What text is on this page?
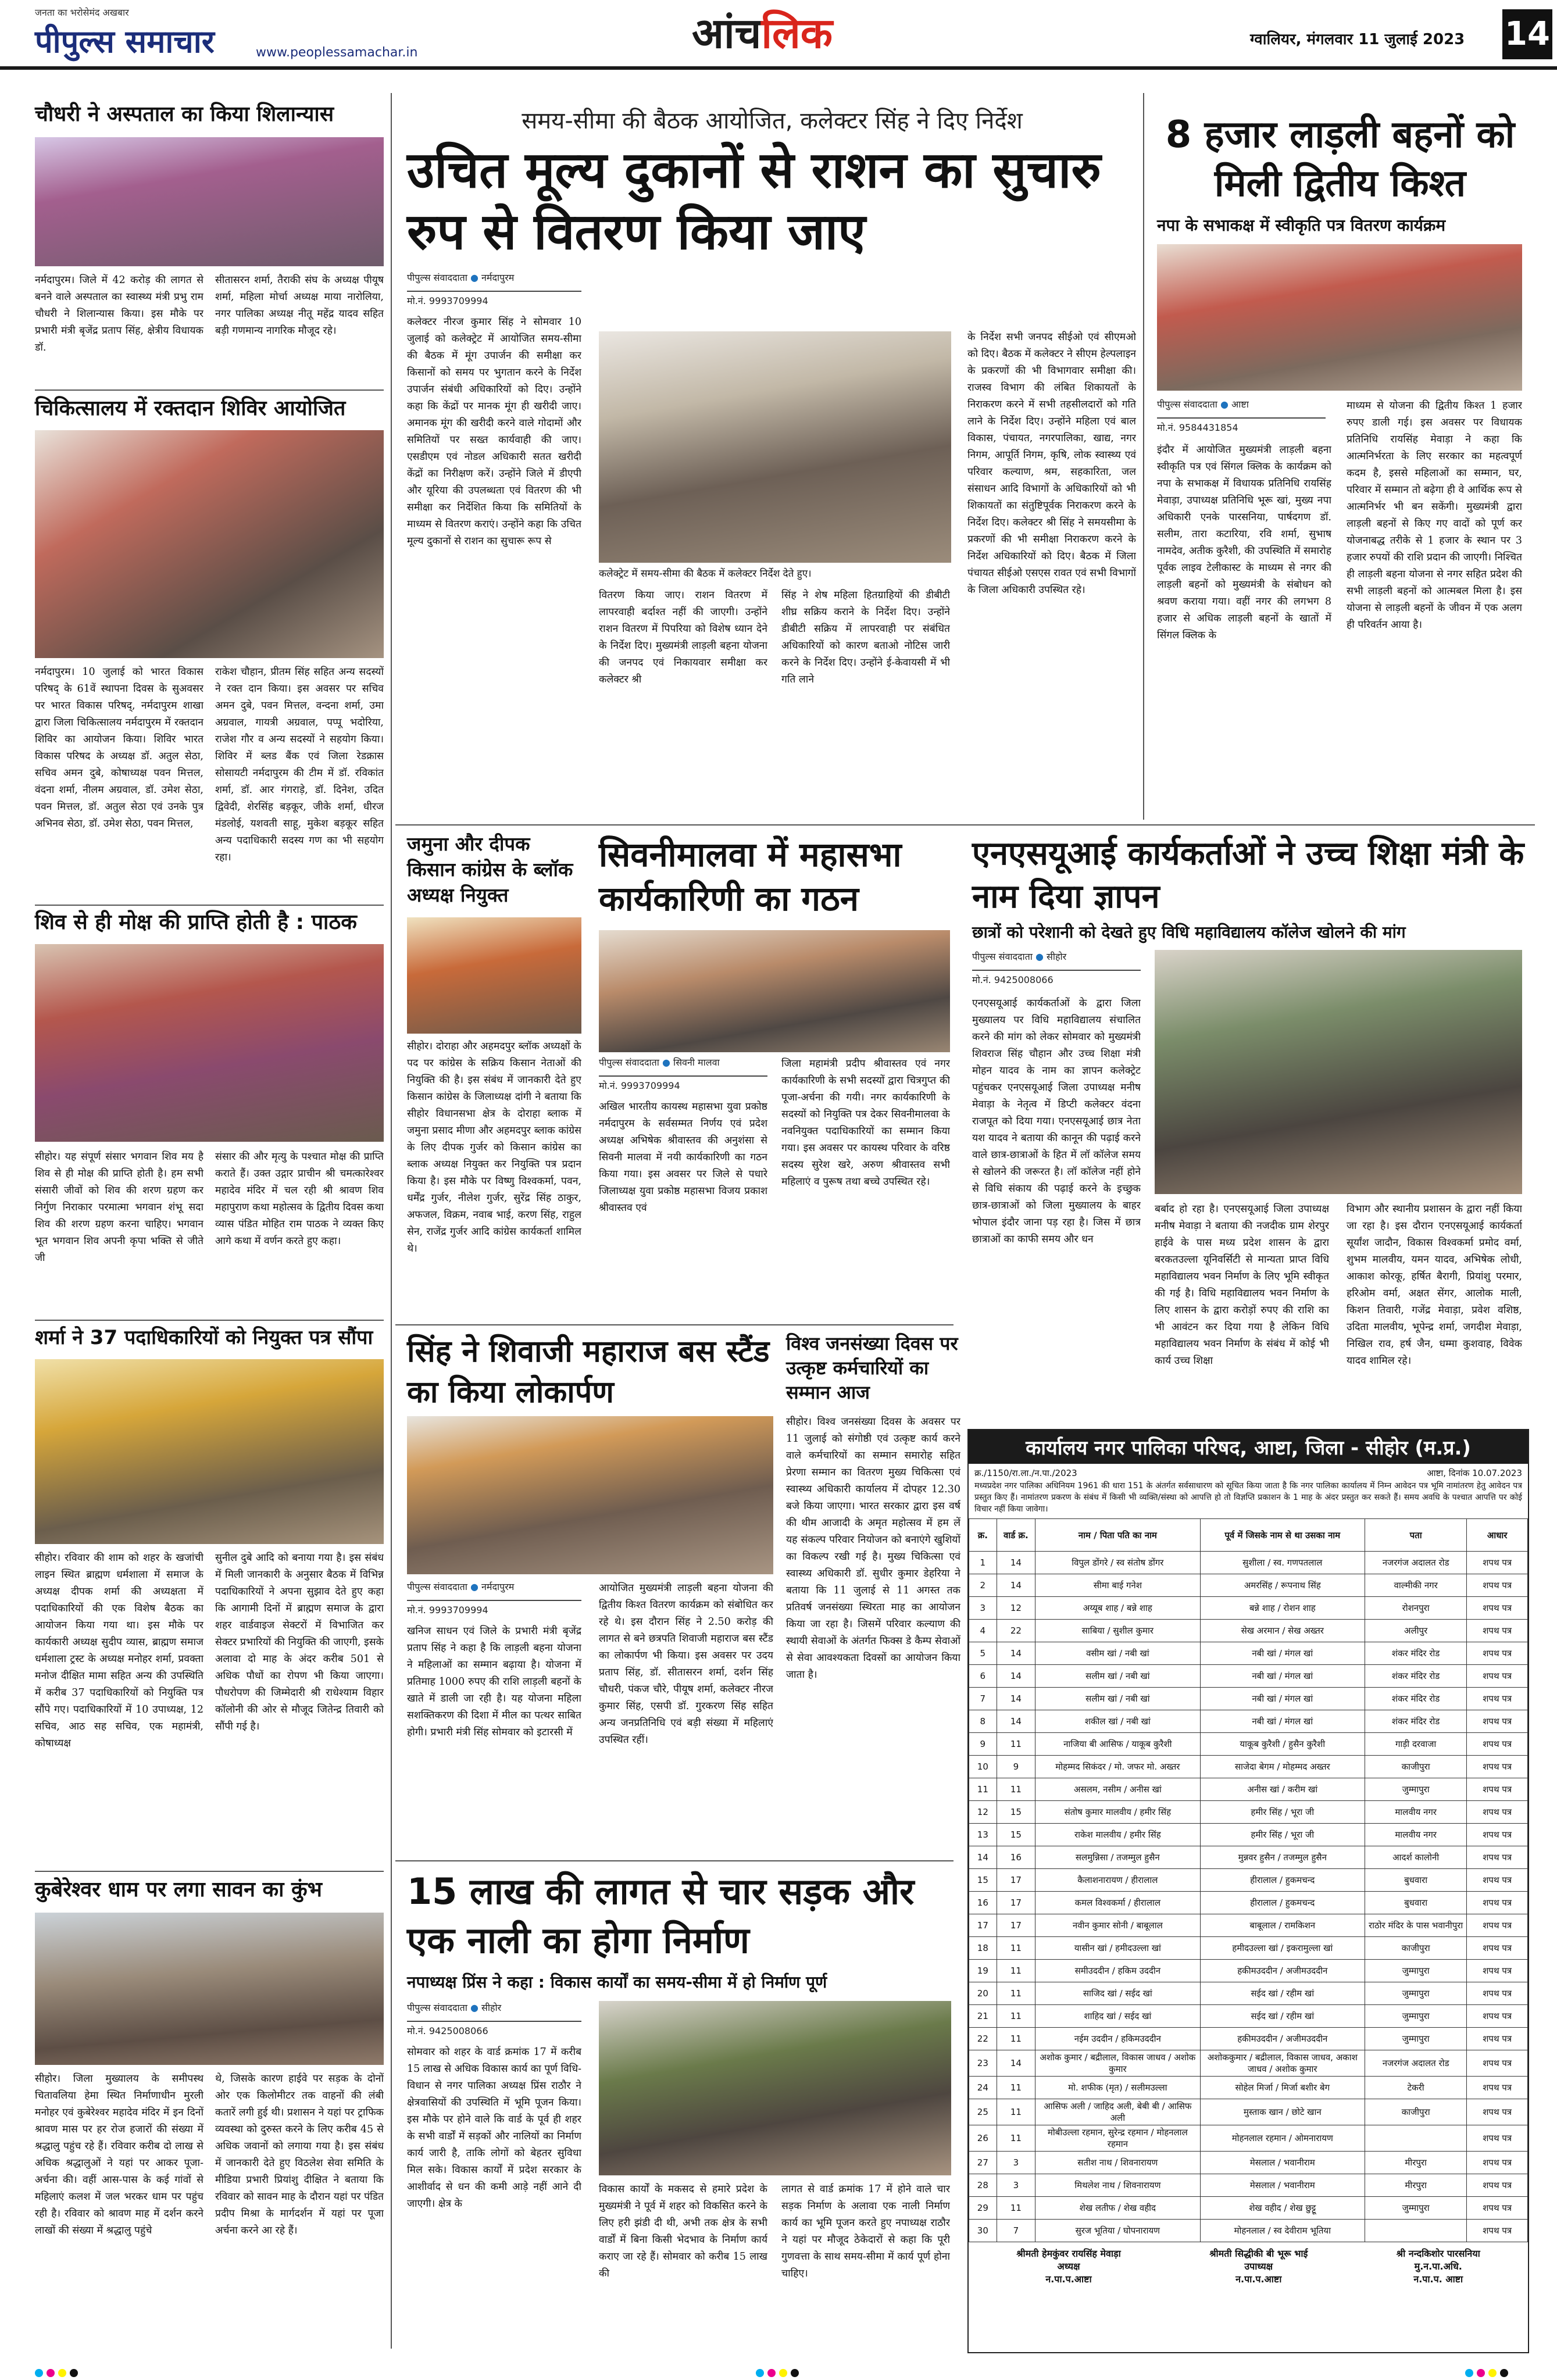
जनता का भरोसेमंद अखबार
पीपुल्स समाचार	www.peoplessamachar.in	आंचलिक	ग्वालियर, मंगलवार 11 जुलाई 2023 14
चौधरी ने अस्पताल का किया शिलान्यास
नर्मदापुरम। जिले में 42 करोड़ की लागत से बनने वाले अस्पताल का स्वास्थ्य मंत्री प्रभु राम चौधरी ने शिलान्यास किया। इस मौके पर प्रभारी मंत्री बृजेंद्र प्रताप सिंह, क्षेत्रीय विधायक डॉ.
सीतासरन शर्मा, तैराकी संघ के अध्यक्ष पीयूष शर्मा, महिला मोर्चा अध्यक्ष माया नारोलिया, नगर पालिका अध्यक्ष नीतू महेंद्र यादव सहित बड़ी गणमान्य नागरिक मौजूद रहे।
चिकित्सालय में रक्तदान शिविर आयोजित
नर्मदापुरम। 10 जुलाई को भारत विकास परिषद् के 61वें स्थापना दिवस के सुअवसर पर भारत विकास परिषद्, नर्मदापुरम शाखा द्वारा जिला चिकित्सालय नर्मदापुरम में रक्तदान शिविर का आयोजन किया। शिविर भारत विकास परिषद के अध्यक्ष डॉ. अतुल सेठा, सचिव अमन दुबे, कोषाध्यक्ष पवन मित्तल, वंदना शर्मा, नीलम अग्रवाल, डॉ. उमेश सेठा, पवन मित्तल, डॉ. अतुल सेठा एवं उनके पुत्र अभिनव सेठा, डॉ. उमेश सेठा, पवन मित्तल,
राकेश चौहान, प्रीतम सिंह सहित अन्य सदस्यों ने रक्त दान किया। इस अवसर पर सचिव अमन दुबे, पवन मित्तल, वन्दना शर्मा, उमा अग्रवाल, गायत्री अग्रवाल, पप्पू भदोरिया, राजेश गौर व अन्य सदस्यों ने सहयोग किया। शिविर में ब्लड बैंक एवं जिला रेडक्रास सोसायटी नर्मदापुरम की टीम में डॉ. रविकांत शर्मा, डॉ. आर गंगराड़े, डॉ. दिनेश, उदित द्विवेदी, शेरसिंह बड़कूर, जीके शर्मा, धीरज मंडलोई, यशवती साहू, मुकेश बड़कूर सहित अन्य पदाधिकारी सदस्य गण का भी सहयोग रहा।
शिव से ही मोक्ष की प्राप्ति होती है : पाठक
सीहोर। यह संपूर्ण संसार भगवान शिव मय है शिव से ही मोक्ष की प्राप्ति होती है। हम सभी संसारी जीवों को शिव की शरण ग्रहण कर निर्गुण निराकार परमात्मा भगवान शंभू सदा शिव की शरण ग्रहण करना चाहिए। भगवान भूत भगवान शिव अपनी कृपा भक्ति से जीते जी
संसार की और मृत्यु के पश्चात मोक्ष की प्राप्ति कराते हैं। उक्त उद्गार प्राचीन श्री चमत्कारेश्वर महादेव मंदिर में चल रही श्री श्रावण शिव महापुराण कथा महोत्सव के द्वितीय दिवस कथा व्यास पंडित मोहित राम पाठक ने व्यक्त किए आगे कथा में वर्णन करते हुए कहा।
शर्मा ने 37 पदाधिकारियों को नियुक्त पत्र सौंपा
सीहोर। रविवार की शाम को शहर के खजांची लाइन स्थित ब्राह्मण धर्मशाला में समाज के अध्यक्ष दीपक शर्मा की अध्यक्षता में पदाधिकारियों की एक विशेष बैठक का आयोजन किया गया था। इस मौके पर कार्यकारी अध्यक्ष सुदीप व्यास, ब्राह्मण समाज धर्मशाला ट्रस्ट के अध्यक्ष मनोहर शर्मा, प्रवक्ता मनोज दीक्षित मामा सहित अन्य की उपस्थिति में करीब 37 पदाधिकारियों को नियुक्ति पत्र सौंपे गए। पदाधिकारियों में 10 उपाध्यक्ष, 12 सचिव, आठ सह सचिव, एक महामंत्री, कोषाध्यक्ष
सुनील दुबे आदि को बनाया गया है। इस संबंध में मिली जानकारी के अनुसार बैठक में विभिन्न पदाधिकारियों ने अपना सुझाव देते हुए कहा कि आगामी दिनों में ब्राह्मण समाज के द्वारा शहर वार्डवाइज सेक्टरों में विभाजित कर सेक्टर प्रभारियों की नियुक्ति की जाएगी, इसके अलावा दो माह के अंदर करीब 501 से अधिक पौधों का रोपण भी किया जाएगा। पौधरोपण की जिम्मेदारी श्री राधेश्याम विहार कॉलोनी की ओर से मौजूद जितेन्द्र तिवारी को सौंपी गई है।
कुबेरेश्वर धाम पर लगा सावन का कुंभ
सीहोर। जिला मुख्यालय के समीपस्थ चितावलिया हेमा स्थित निर्माणाधीन मुरली मनोहर एवं कुबेरेश्वर महादेव मंदिर में इन दिनों श्रावण मास पर हर रोज हजारों की संख्या में श्रद्धालु पहुंच रहे हैं। रविवार करीब दो लाख से अधिक श्रद्धालुओं ने यहां पर आकर पूजा-अर्चना की। वहीं आस-पास के कई गांवों से महिलाएं कलश में जल भरकर धाम पर पहुंच रही है। रविवार को श्रावण माह में दर्शन करने लाखों की संख्या में श्रद्धालु पहुंचे
थे, जिसके कारण हाईवे पर सड़क के दोनों ओर एक किलोमीटर तक वाहनों की लंबी कतारें लगी हुई थी। प्रशासन ने यहां पर ट्राफिक व्यवस्था को दुरुस्त करने के लिए करीब 45 से अधिक जवानों को लगाया गया है। इस संबंध में जानकारी देते हुए विठलेश सेवा समिति के मीडिया प्रभारी प्रियांशु दीक्षित ने बताया कि रविवार को सावन माह के दौरान यहां पर पंडित प्रदीप मिश्रा के मार्गदर्शन में यहां पर पूजा अर्चना करने आ रहे हैं।
समय-सीमा की बैठक आयोजित, कलेक्टर सिंह ने दिए निर्देश
उचित मूल्य दुकानों से राशन का सुचारु रुप से वितरण किया जाए
पीपुल्स संवाददाता ● नर्मदापुरम
मो.नं. 9993709994
कलेक्टर नीरज कुमार सिंह ने सोमवार 10 जुलाई को कलेक्ट्रेट में आयोजित समय-सीमा की बैठक में मूंग उपार्जन की समीक्षा कर किसानों को समय पर भुगतान करने के निर्देश उपार्जन संबंधी अधिकारियों को दिए। उन्होंने कहा कि केंद्रों पर मानक मूंग ही खरीदी जाए। अमानक मूंग की खरीदी करने वाले गोदामों और समितियों पर सख्त कार्यवाही की जाए। एसडीएम एवं नोडल अधिकारी सतत खरीदी केंद्रों का निरीक्षण करें। उन्होंने जिले में डीएपी और यूरिया की उपलब्धता एवं वितरण की भी समीक्षा कर निर्देशित किया कि समितियों के माध्यम से वितरण कराएं। उन्होंने कहा कि उचित मूल्य दुकानों से राशन का सुचारू रूप से
कलेक्ट्रेट में समय-सीमा की बैठक में कलेक्टर निर्देश देते हुए।
वितरण किया जाए। राशन वितरण में लापरवाही बर्दाश्त नहीं की जाएगी। उन्होंने राशन वितरण में पिपरिया को विशेष ध्यान देने के निर्देश दिए। मुख्यमंत्री लाड़ली बहना योजना की जनपद एवं निकायवार समीक्षा कर कलेक्टर श्री
सिंह ने शेष महिला हितग्राहियों की डीबीटी शीघ्र सक्रिय कराने के निर्देश दिए। उन्होंने डीबीटी सक्रिय में लापरवाही पर संबंधित अधिकारियों को कारण बताओ नोटिस जारी करने के निर्देश दिए। उन्होंने ई-केवायसी में भी गति लाने
के निर्देश सभी जनपद सीईओ एवं सीएमओ को दिए। बैठक में कलेक्टर ने सीएम हेल्पलाइन के प्रकरणों की भी विभागवार समीक्षा की। राजस्व विभाग की लंबित शिकायतों के निराकरण करने में सभी तहसीलदारों को गति लाने के निर्देश दिए। उन्होंने महिला एवं बाल विकास, पंचायत, नगरपालिका, खाद्य, नगर निगम, आपूर्ति निगम, कृषि, लोक स्वास्थ्य एवं परिवार कल्याण, श्रम, सहकारिता, जल संसाधन आदि विभागों के अधिकारियों को भी शिकायतों का संतुष्टिपूर्वक निराकरण करने के निर्देश दिए। कलेक्टर श्री सिंह ने समयसीमा के प्रकरणों की भी समीक्षा निराकरण करने के निर्देश अधिकारियों को दिए। बैठक में जिला पंचायत सीईओ एसएस रावत एवं सभी विभागों के जिला अधिकारी उपस्थित रहे।
8 हजार लाड़ली बहनों को मिली द्वितीय किश्त
नपा के सभाकक्ष में स्वीकृति पत्र वितरण कार्यक्रम
पीपुल्स संवाददाता ● आष्टा
मो.नं. 9584431854
इंदौर में आयोजित मुख्यमंत्री लाड़ली बहना स्वीकृति पत्र एवं सिंगल क्लिक के कार्यक्रम को नपा के सभाकक्ष में विधायक प्रतिनिधि रायसिंह मेवाड़ा, उपाध्यक्ष प्रतिनिधि भूरू खां, मुख्य नपा अधिकारी एनके पारसनिया, पार्षदगण डॉ. सलीम, तारा कटारिया, रवि शर्मा, सुभाष नामदेव, अतीक कुरैशी, की उपस्थिति में समारोह पूर्वक लाइव टेलीकास्ट के माध्यम से नगर की लाड़ली बहनों को मुख्यमंत्री के संबोधन को श्रवण कराया गया। वहीं नगर की लगभग 8 हजार से अधिक लाड़ली बहनों के खातों में सिंगल क्लिक के
माध्यम से योजना की द्वितीय किश्त 1 हजार रुपए डाली गई। इस अवसर पर विधायक प्रतिनिधि रायसिंह मेवाड़ा ने कहा कि आत्मनिर्भरता के लिए सरकार का महत्वपूर्ण कदम है, इससे महिलाओं का सम्मान, घर, परिवार में सम्मान तो बढ़ेगा ही वे आर्थिक रूप से आत्मनिर्भर भी बन सकेंगी। मुख्यमंत्री द्वारा लाड़ली बहनों से किए गए वादों को पूर्ण कर योजनाबद्ध तरीके से 1 हजार के स्थान पर 3 हजार रुपयों की राशि प्रदान की जाएगी। निश्चित ही लाड़ली बहना योजना से नगर सहित प्रदेश की सभी लाड़ली बहनों को आत्मबल मिला है। इस योजना से लाड़ली बहनों के जीवन में एक अलग ही परिवर्तन आया है।
जमुना और दीपक किसान कांग्रेस के ब्लॉक अध्यक्ष नियुक्त
सीहोर। दोराहा और अहमदपुर ब्लॉक अध्यक्षों के पद पर कांग्रेस के सक्रिय किसान नेताओं की नियुक्ति की है। इस संबंध में जानकारी देते हुए किसान कांग्रेस के जिलाध्यक्ष दांगी ने बताया कि सीहोर विधानसभा क्षेत्र के दोराहा ब्लाक में जमुना प्रसाद मीणा और अहमदपुर ब्लाक कांग्रेस के लिए दीपक गुर्जर को किसान कांग्रेस का ब्लाक अध्यक्ष नियुक्त कर नियुक्ति पत्र प्रदान किया है। इस मौके पर विष्णु विश्वकर्मा, पवन, धर्मेंद्र गुर्जर, नीलेश गुर्जर, सुरेंद्र सिंह ठाकुर, अफजल, विक्रम, नवाब भाई, करण सिंह, राहुल सेन, राजेंद्र गुर्जर आदि कांग्रेस कार्यकर्ता शामिल थे।
सिवनीमालवा में महासभा कार्यकारिणी का गठन
पीपुल्स संवाददाता ● सिवनी मालवा
मो.नं. 9993709994
अखिल भारतीय कायस्थ महासभा युवा प्रकोष्ठ नर्मदापुरम के सर्वसम्मत निर्णय एवं प्रदेश अध्यक्ष अभिषेक श्रीवास्तव की अनुशंसा से सिवनी मालवा में नयी कार्यकारिणी का गठन किया गया। इस अवसर पर जिले से पधारे जिलाध्यक्ष युवा प्रकोष्ठ महासभा विजय प्रकाश श्रीवास्तव एवं
जिला महामंत्री प्रदीप श्रीवास्तव एवं नगर कार्यकारिणी के सभी सदस्यों द्वारा चित्रगुप्त की पूजा-अर्चना की गयी। नगर कार्यकारिणी के सदस्यों को नियुक्ति पत्र देकर सिवनीमालवा के नवनियुक्त पदाधिकारियों का सम्मान किया गया। इस अवसर पर कायस्थ परिवार के वरिष्ठ सदस्य सुरेश खरे, अरुण श्रीवास्तव सभी महिलाएं व पुरूष तथा बच्चे उपस्थित रहे।
एनएसयूआई कार्यकर्ताओं ने उच्च शिक्षा मंत्री के नाम दिया ज्ञापन
छात्रों को परेशानी को देखते हुए विधि महाविद्यालय कॉलेज खोलने की मांग
पीपुल्स संवाददाता ● सीहोर
मो.नं. 9425008066
एनएसयूआई कार्यकर्ताओं के द्वारा जिला मुख्यालय पर विधि महाविद्यालय संचालित करने की मांग को लेकर सोमवार को मुख्यमंत्री शिवराज सिंह चौहान और उच्च शिक्षा मंत्री मोहन यादव के नाम का ज्ञापन कलेक्ट्रेट पहुंचकर एनएसयूआई जिला उपाध्यक्ष मनीष मेवाड़ा के नेतृत्व में डिप्टी कलेक्टर वंदना राजपूत को दिया गया। एनएसयूआई छात्र नेता यश यादव ने बताया की कानून की पढ़ाई करने वाले छात्र-छात्राओं के हित में लॉ कॉलेज समय से खोलने की जरूरत है। लॉ कॉलेज नहीं होने से विधि संकाय की पढ़ाई करने के इच्छुक छात्र-छात्राओं को जिला मुख्यालय के बाहर भोपाल इंदौर जाना पड़ रहा है। जिस में छात्र छात्राओं का काफी समय और धन
बर्बाद हो रहा है। एनएसयूआई जिला उपाध्यक्ष मनीष मेवाड़ा ने बताया की नजदीक ग्राम शेरपुर हाईवे के पास मध्य प्रदेश शासन के द्वारा बरकतउल्ला यूनिवर्सिटी से मान्यता प्राप्त विधि महाविद्यालय भवन निर्माण के लिए भूमि स्वीकृत की गई है। विधि महाविद्यालय भवन निर्माण के लिए शासन के द्वारा करोड़ों रुपए की राशि का भी आवंटन कर दिया गया है लेकिन विधि महाविद्यालय भवन निर्माण के संबंध में कोई भी कार्य उच्च शिक्षा
विभाग और स्थानीय प्रशासन के द्वारा नहीं किया जा रहा है। इस दौरान एनएसयूआई कार्यकर्ता सूर्यांश जादौन, विकास विश्वकर्मा प्रमोद वर्मा, शुभम मालवीय, यमन यादव, अभिषेक लोधी, आकाश कोरकू, हर्षित बैरागी, प्रियांशु परमार, हरिओम वर्मा, अक्षत सेंगर, आलोक माली, किशन तिवारी, गजेंद्र मेवाड़ा, प्रवेश वशिष्ठ, उदिता मालवीय, भूपेन्द्र शर्मा, जगदीश मेवाड़ा, निखिल राव, हर्ष जैन, धम्मा कुशवाह, विवेक यादव शामिल रहे।
सिंह ने शिवाजी महाराज बस स्टैंड का किया लोकार्पण
पीपुल्स संवाददाता ● नर्मदापुरम
मो.नं. 9993709994
खनिज साधन एवं जिले के प्रभारी मंत्री बृजेंद्र प्रताप सिंह ने कहा है कि लाड़ली बहना योजना ने महिलाओं का सम्मान बढ़ाया है। योजना में प्रतिमाह 1000 रुपए की राशि लाड़ली बहनों के खाते में डाली जा रही है। यह योजना महिला सशक्तिकरण की दिशा में मील का पत्थर साबित होगी। प्रभारी मंत्री सिंह सोमवार को इटारसी में
आयोजित मुख्यमंत्री लाड़ली बहना योजना की द्वितीय किश्त वितरण कार्यक्रम को संबोधित कर रहे थे। इस दौरान सिंह ने 2.50 करोड़ की लागत से बने छत्रपति शिवाजी महाराज बस स्टैंड का लोकार्पण भी किया। इस अवसर पर उदय प्रताप सिंह, डॉ. सीतासरन शर्मा, दर्शन सिंह चौधरी, पंकज चौरे, पीयूष शर्मा, कलेक्टर नीरज कुमार सिंह, एसपी डॉ. गुरकरण सिंह सहित अन्य जनप्रतिनिधि एवं बड़ी संख्या में महिलाएं उपस्थित रहीं।
विश्व जनसंख्या दिवस पर उत्कृष्ट कर्मचारियों का सम्मान आज
सीहोर। विश्व जनसंख्या दिवस के अवसर पर 11 जुलाई को संगोष्ठी एवं उत्कृष्ट कार्य करने वाले कर्मचारियों का सम्मान समारोह सहित प्रेरणा सम्मान का वितरण मुख्य चिकित्सा एवं स्वास्थ्य अधिकारी कार्यालय में दोपहर 12.30 बजे किया जाएगा। भारत सरकार द्वारा इस वर्ष की थीम आजादी के अमृत महोत्सव में हम लें यह संकल्प परिवार नियोजन को बनाएंगे खुशियों का विकल्प रखी गई है। मुख्य चिकित्सा एवं स्वास्थ्य अधिकारी डॉ. सुधीर कुमार डेहरिया ने बताया कि 11 जुलाई से 11 अगस्त तक प्रतिवर्ष जनसंख्या स्थिरता माह का आयोजन किया जा रहा है। जिसमें परिवार कल्याण की स्थायी सेवाओं के अंतर्गत फिक्स डे कैम्प सेवाओं से सेवा आवश्यकता दिवसों का आयोजन किया जाता है।
15 लाख की लागत से चार सड़क और एक नाली का होगा निर्माण
नपाध्यक्ष प्रिंस ने कहा : विकास कार्यों का समय-सीमा में हो निर्माण पूर्ण
पीपुल्स संवाददाता ● सीहोर
मो.नं. 9425008066
सोमवार को शहर के वार्ड क्रमांक 17 में करीब 15 लाख से अधिक विकास कार्य का पूर्ण विधि-विधान से नगर पालिका अध्यक्ष प्रिंस राठौर ने क्षेत्रवासियों की उपस्थिति में भूमि पूजन किया। इस मौके पर होने वाले कि वार्ड के पूर्व ही शहर के सभी वार्डों में सड़कों और नालियों का निर्माण कार्य जारी है, ताकि लोगों को बेहतर सुविधा मिल सके। विकास कार्यों में प्रदेश सरकार के आशीर्वाद से धन की कमी आड़े नहीं आने दी जाएगी। क्षेत्र के
विकास कार्यों के मकसद से हमारे प्रदेश के मुख्यमंत्री ने पूर्व में शहर को विकसित करने के लिए हरी झंडी दी थी, अभी तक क्षेत्र के सभी वार्डों में बिना किसी भेदभाव के निर्माण कार्य कराए जा रहे हैं। सोमवार को करीब 15 लाख की
लागत से वार्ड क्रमांक 17 में होने वाले चार सड़क निर्माण के अलावा एक नाली निर्माण कार्य का भूमि पूजन करते हुए नपाध्यक्ष राठौर ने यहां पर मौजूद ठेकेदारों से कहा कि पूरी गुणवत्ता के साथ समय-सीमा में कार्य पूर्ण होना चाहिए।
कार्यालय नगर पालिका परिषद, आष्टा, जिला - सीहोर (म.प्र.)
क्र./1150/रा.ला./न.पा./2023	आष्टा, दिनांक 10.07.2023
मध्यप्रदेश नगर पालिका अधिनियम 1961 की धारा 151 के अंतर्गत सर्वसाधारण को सूचित किया जाता है कि नगर पालिका कार्यालय में निम्न आवेदन पत्र भूमि नामांतरण हेतु आवेदन पत्र प्रस्तुत किए हैं। नामांतरण प्रकरण के संबंध में किसी भी व्यक्ति/संस्था को आपत्ति हो तो विज्ञप्ति प्रकाशन के 1 माह के अंदर प्रस्तुत कर सकते हैं। समय अवधि के पश्चात आपत्ति पर कोई विचार नहीं किया जावेगा।
क्र.	वार्ड क्र.	नाम / पिता पति का नाम	पूर्व में जिसके नाम से था उसका नाम	पता	आधार
1	14	विपुल डोंगरे / स्व संतोष डोंगर	सुशीला / स्व. गणपतलाल	नजरगंज अदालत रोड	शपथ पत्र
2	14	सीमा बाई गनेश	अमरसिंह / रूपनाथ सिंह	वाल्मीकी नगर	शपथ पत्र
3	12	अय्यूब शाह / बन्ने शाह	बन्ने शाह / रोशन शाह	रोशनपुरा	शपथ पत्र
4	22	साबिया / सुशील कुमार	सेख अरमान / सेख अख्तर	अलीपुर	शपथ पत्र
5	14	वसीम खां / नबी खां	नबी खां / मंगल खां	शंकर मंदिर रोड	शपथ पत्र
6	14	सलीम खां / नबी खां	नबी खां / मंगल खां	शंकर मंदिर रोड	शपथ पत्र
7	14	सलीम खां / नबी खां	नबी खां / मंगल खां	शंकर मंदिर रोड	शपथ पत्र
8	14	शकील खां / नबी खां	नबी खां / मंगल खां	शंकर मंदिर रोड	शपथ पत्र
9	11	नाजिया बी आसिफ / याकूब कुरैशी	याकूब कुरैशी / हुसैन कुरैशी	गाड़ी दरवाजा	शपथ पत्र
10	9	मोहम्मद सिकंदर / मो. जफर मो. अख्तर	साजेदा बेगम / मोहम्मद अख्तर	काजीपुरा	शपथ पत्र
11	11	असलम, नसीम / अनीस खां	अनीस खां / करीम खां	जुम्मापुरा	शपथ पत्र
12	15	संतोष कुमार मालवीय / हमीर सिंह	हमीर सिंह / भूरा जी	मालवीय नगर	शपथ पत्र
13	15	राकेश मालवीय / हमीर सिंह	हमीर सिंह / भूरा जी	मालवीय नगर	शपथ पत्र
14	16	सलमुन्निसा / तजम्मुल हुसैन	मुन्नवर हुसैन / तजम्मुल हुसैन	आदर्श कालोनी	शपथ पत्र
15	17	कैलाशनारायण / हीरालाल	हीरालाल / हुकमचन्द	बुधवारा	शपथ पत्र
16	17	कमल विश्वकर्मा / हीरालाल	हीरालाल / हुकमचन्द	बुधवारा	शपथ पत्र
17	17	नवीन कुमार सोनी / बाबूलाल	बाबूलाल / रामकिशन	राठोर मंदिर के पास भवानीपुरा	शपथ पत्र
18	11	यासीन खां / हमीदउल्ला खां	हमीदउल्ला खां / इकरामुल्ला खां	काजीपुरा	शपथ पत्र
19	11	समीउददीन / हकिम उददीन	हकीमउददीन / अजीमउददीन	जुम्मापुरा	शपथ पत्र
20	11	साजिद खां / सईद खां	सईद खां / रहीम खां	जुम्मापुरा	शपथ पत्र
21	11	शाहिद खां / सईद खां	सईद खां / रहीम खां	जुम्मापुरा	शपथ पत्र
22	11	नईम उददीन / हकिमउददीन	हकीमउददीन / अजीमउददीन	जुम्मापुरा	शपथ पत्र
23	14	अशोक कुमार / बद्रीलाल, विकास जाधव / अशोक कुमार	अशोककुमार / बद्रीलाल, विकास जाधव, अकाश जाधव / अशोक कुमार	नजरगंज अदालत रोड	शपथ पत्र
24	11	मो. शफीक (मृत) / सलीमउल्ला	सोहेल मिर्जा / मिर्जा बशीर बेग	टेकरी	शपथ पत्र
25	11	आसिफ अली / जाहिद अली, बेबी बी / आसिफ अली	मुस्ताक खान / छोटे खान	काजीपुरा	शपथ पत्र
26	11	मोबीउल्ला रहमान, सुरेन्द्र रहमान / मोहनलाल रहमान	मोहनलाल रहमान / ओमनारायण		शपथ पत्र
27	3	सतीश नाथ / शिवनारायण	मेसलाल / भवानीराम	मीरपुरा	शपथ पत्र
28	3	मिथलेश नाथ / शिवनारायण	मेसलाल / भवानीराम	मीरपुरा	शपथ पत्र
29	11	शेख लतीफ / शेख वहीद	शेख वहीद / शेख छुट्टू	जुम्मापुरा	शपथ पत्र
30	7	सुरज भूतिया / घोपनारायण	मोहनलाल / स्व देवीराम भूतिया		शपथ पत्र
श्रीमती हेमकुंवर रायसिंह मेवाड़ा
अध्यक्ष
न.पा.प.आष्टा
श्रीमती सिद्धीकी बी भूरू भाई
उपाध्यक्ष
न.पा.प.आष्टा
श्री नन्दकिशोर पारसनिया
मु.न.पा.अधि.
न.पा.प. आष्टा
